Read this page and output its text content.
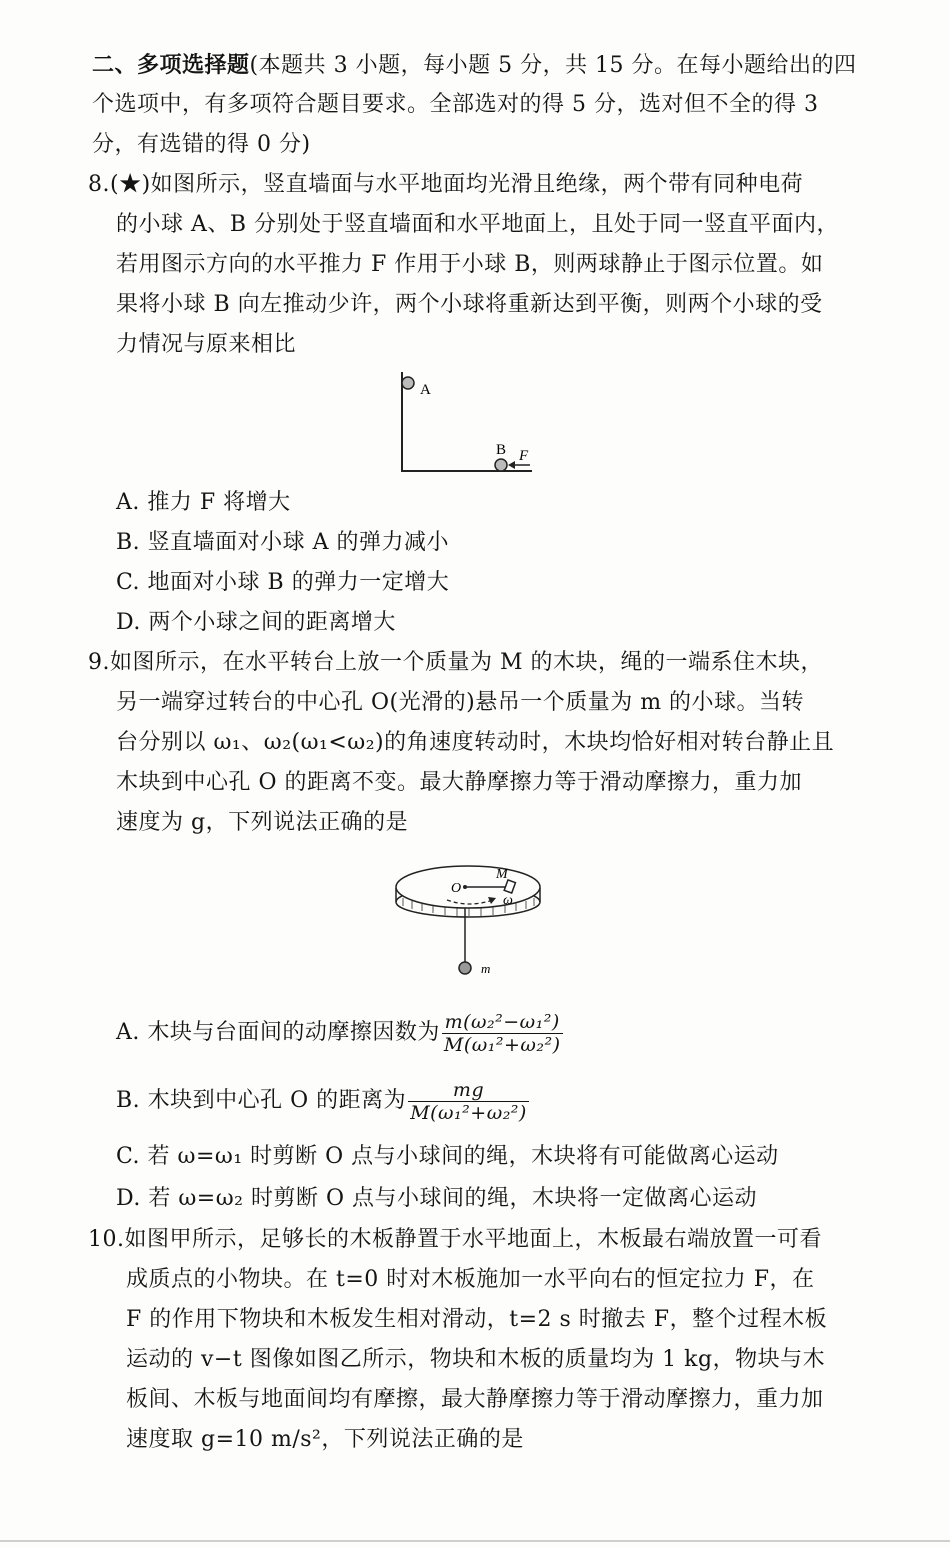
二、多项选择题(本题共 3 小题，每小题 5 分，共 15 分。在每小题给出的四
个选项中，有多项符合题目要求。全部选对的得 5 分，选对但不全的得 3
分，有选错的得 0 分)
8.(★)如图所示，竖直墙面与水平地面均光滑且绝缘，两个带有同种电荷
的小球 A、B 分别处于竖直墙面和水平地面上，且处于同一竖直平面内，
若用图示方向的水平推力 F 作用于小球 B，则两球静止于图示位置。如
果将小球 B 向左推动少许，两个小球将重新达到平衡，则两个小球的受
力情况与原来相比
A
B F
A. 推力 F 将增大
B. 竖直墙面对小球 A 的弹力减小
C. 地面对小球 B 的弹力一定增大
D. 两个小球之间的距离增大
9.如图所示，在水平转台上放一个质量为 M 的木块，绳的一端系住木块，
另一端穿过转台的中心孔 O(光滑的)悬吊一个质量为 m 的小球。当转
台分别以 ω₁、ω₂(ω₁<ω₂)的角速度转动时，木块均恰好相对转台静止且
木块到中心孔 O 的距离不变。最大静摩擦力等于滑动摩擦力，重力加
速度为 g，下列说法正确的是
O
M
ω
m
A. 木块与台面间的动摩擦因数为 $\frac{\text{m(ω₂²−ω₁²)}}{\text{M(ω₁²+ω₂²)}}$
B. 木块到中心孔 O 的距离为 $\frac{mg}{\text{M(ω₁²+ω₂²)}}$
C. 若 ω=ω₁ 时剪断 O 点与小球间的绳，木块将有可能做离心运动
D. 若 ω=ω₂ 时剪断 O 点与小球间的绳，木块将一定做离心运动
10.如图甲所示，足够长的木板静置于水平地面上，木板最右端放置一可看
成质点的小物块。在 t=0 时对木板施加一水平向右的恒定拉力 F，在
F 的作用下物块和木板发生相对滑动，t=2 s 时撤去 F，整个过程木板
运动的 v−t 图像如图乙所示，物块和木板的质量均为 1 kg，物块与木
板间、木板与地面间均有摩擦，最大静摩擦力等于滑动摩擦力，重力加
速度取 g=10 m/s²，下列说法正确的是
